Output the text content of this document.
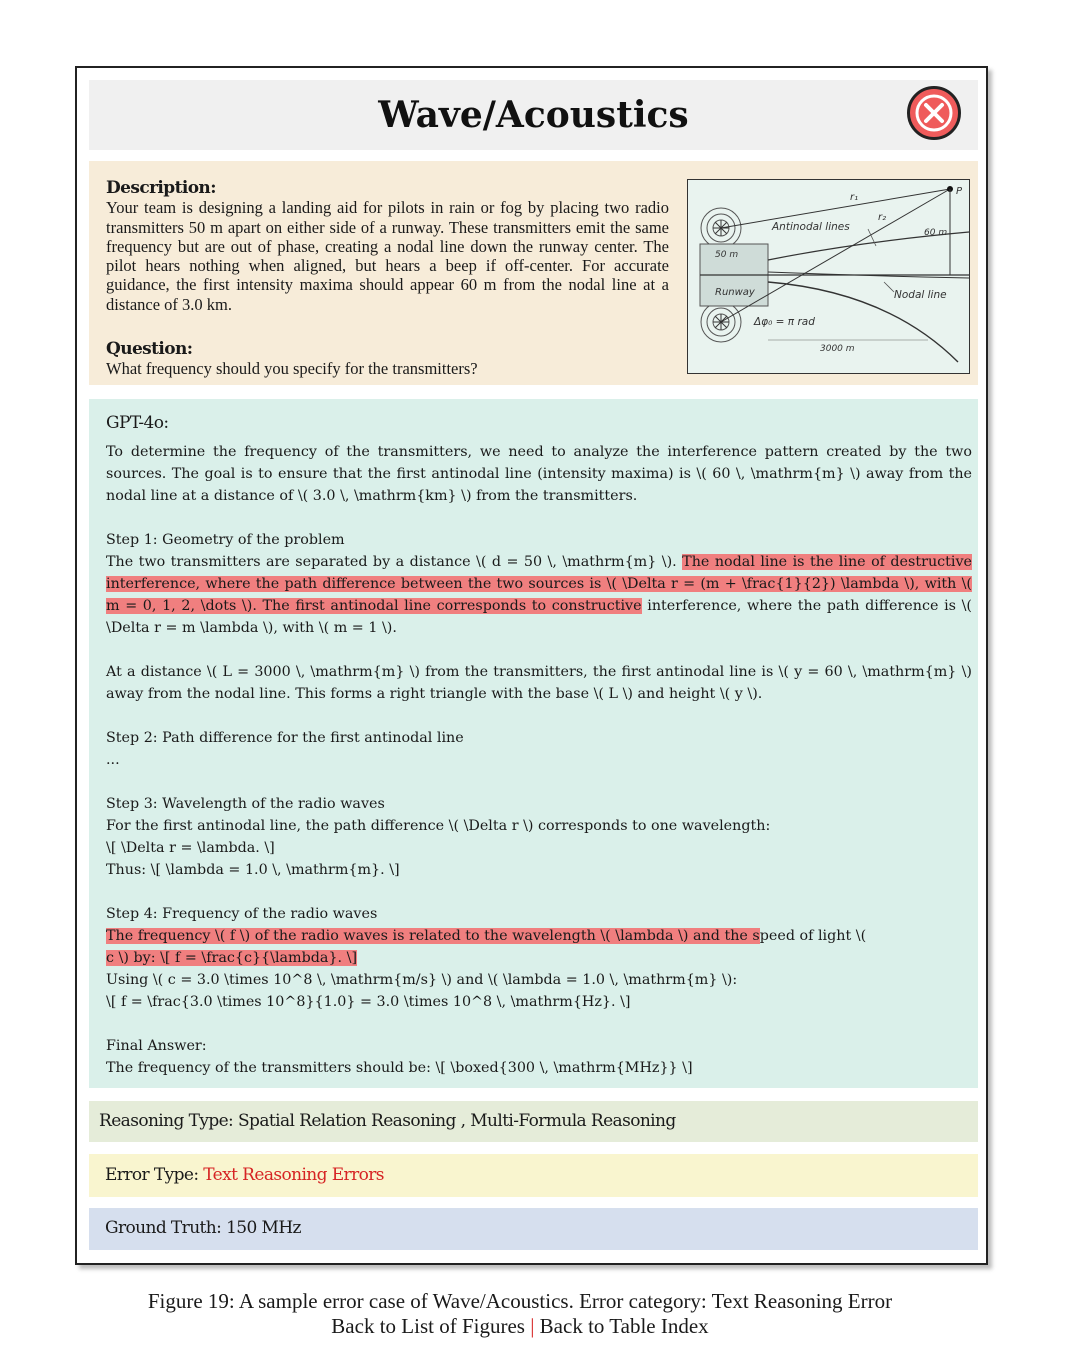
Wave/Acoustics
Description:
Your team is designing a landing aid for pilots in rain or fog by placing two radio transmitters 50 m apart on either side of a runway. These transmitters emit the same frequency but are out of phase, creating a nodal line down the runway center. The pilot hears nothing when aligned, but hears a beep if off-center. For accurate guidance, the first intensity maxima should appear 60 m from the nodal line at a distance of 3.0 km.
Question:
What frequency should you specify for the transmitters?
r₁
r₂
P
Antinodal lines	60 m
50 m
Runway	Nodal line
Δφ₀ = π rad
3000 m
GPT-4o:

To determine the frequency of the transmitters, we need to analyze the interference pattern created by the two sources. The goal is to ensure that the first antinodal line (intensity maxima) is \( 60 \, \mathrm{m} \) away from the nodal line at a distance of \( 3.0 \, \mathrm{km} \) from the transmitters.

Step 1: Geometry of the problem

The two transmitters are separated by a distance \( d = 50 \, \mathrm{m} \). The nodal line is the line of destructive interference, where the path difference between the two sources is \( \Delta r = (m + \frac{1}{2}) \lambda \), with \( m = 0, 1, 2, \dots \). The first antinodal line corresponds to constructive interference, where the path difference is \( \Delta r = m \lambda \), with \( m = 1 \).

At a distance \( L = 3000 \, \mathrm{m} \) from the transmitters, the first antinodal line is \( y = 60 \, \mathrm{m} \) away from the nodal line. This forms a right triangle with the base \( L \) and height \( y \).

Step 2: Path difference for the first antinodal line

...

Step 3: Wavelength of the radio waves

For the first antinodal line, the path difference \( \Delta r \) corresponds to one wavelength:

\[ \Delta r = \lambda. \]

Thus: \[ \lambda = 1.0 \, \mathrm{m}. \]

Step 4: Frequency of the radio waves

The frequency \( f \) of the radio waves is related to the wavelength \( \lambda \) and the speed of light \(
c \) by: \[ f = \frac{c}{\lambda}. \]

Using \( c = 3.0 \times 10^8 \, \mathrm{m/s} \) and \( \lambda = 1.0 \, \mathrm{m} \):

\[ f = \frac{3.0 \times 10^8}{1.0} = 3.0 \times 10^8 \, \mathrm{Hz}. \]

Final Answer:

The frequency of the transmitters should be: \[ \boxed{300 \, \mathrm{MHz}} \]

Reasoning Type: Spatial Relation Reasoning , Multi-Formula Reasoning
Error Type: Text Reasoning Errors
Ground Truth: 150 MHz
Figure 19: A sample error case of Wave/Acoustics. Error category: Text Reasoning Error
Back to List of Figures | Back to Table Index
